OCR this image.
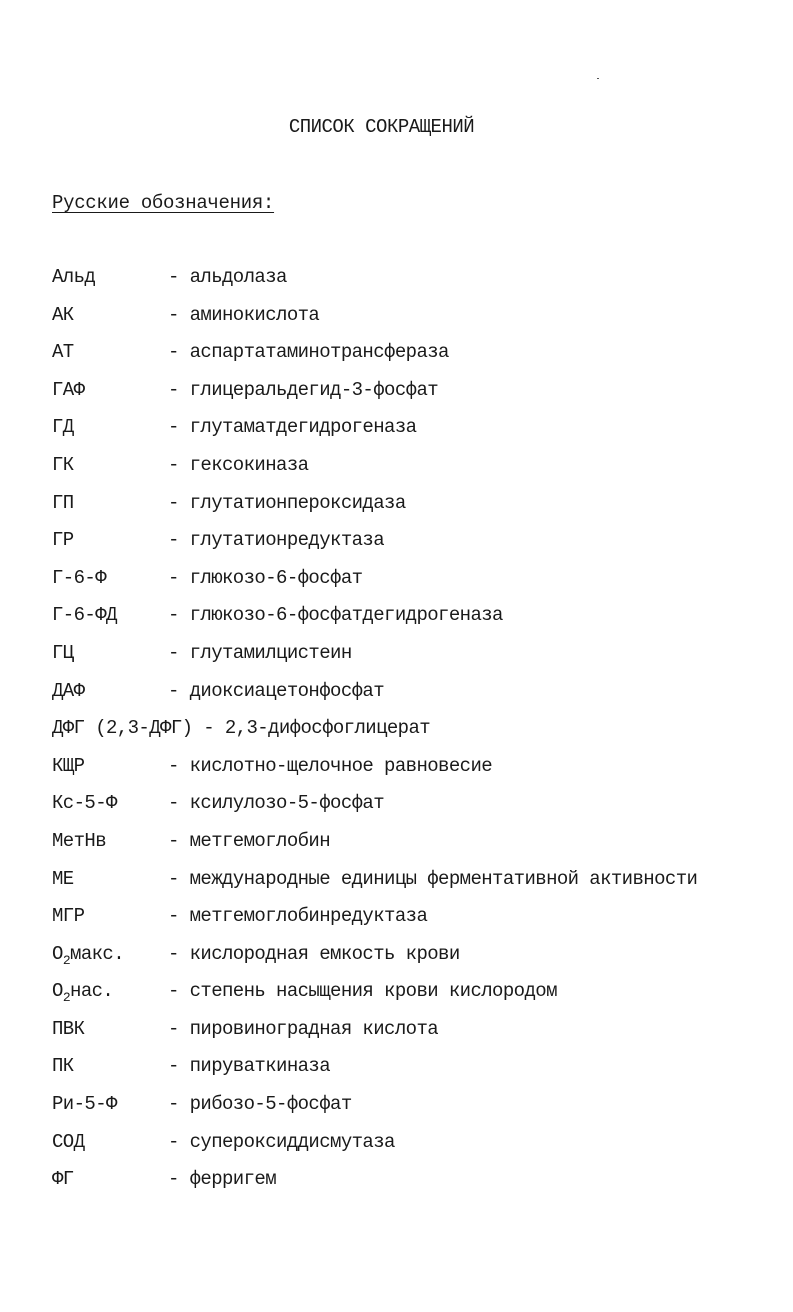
СПИСОК СОКРАЩЕНИЙ
Русские обозначения:
Альд	- альдолаза
АК	- аминокислота
АТ	- аспартатаминотрансфераза
ГАФ	- глицеральдегид-3-фосфат
ГД	- глутаматдегидрогеназа
ГК	- гексокиназа
ГП	- глутатионпероксидаза
ГР	- глутатионредуктаза
Г-6-Ф	- глюкозо-6-фосфат
Г-6-ФД	- глюкозо-6-фосфатдегидрогеназа
ГЦ	- глутамилцистеин
ДАФ	- диоксиацетонфосфат
ДФГ (2,3-ДФГ) - 2,3-дифосфоглицерат
КЩР	- кислотно-щелочное равновесие
Кс-5-Ф	- ксилулозо-5-фосфат
МетНв	- метгемоглобин
МЕ	- международные единицы ферментативной активности
МГР	- метгемоглобинредуктаза
$O_2макс$. - кислородная емкость крови
$O_2нас$.	- степень насыщения крови кислородом
ПВК	- пировиноградная кислота
ПК	- пируваткиназа
Ри-5-Ф	- рибозо-5-фосфат
СОД	- супероксиддисмутаза
ФГ	- ферригем
